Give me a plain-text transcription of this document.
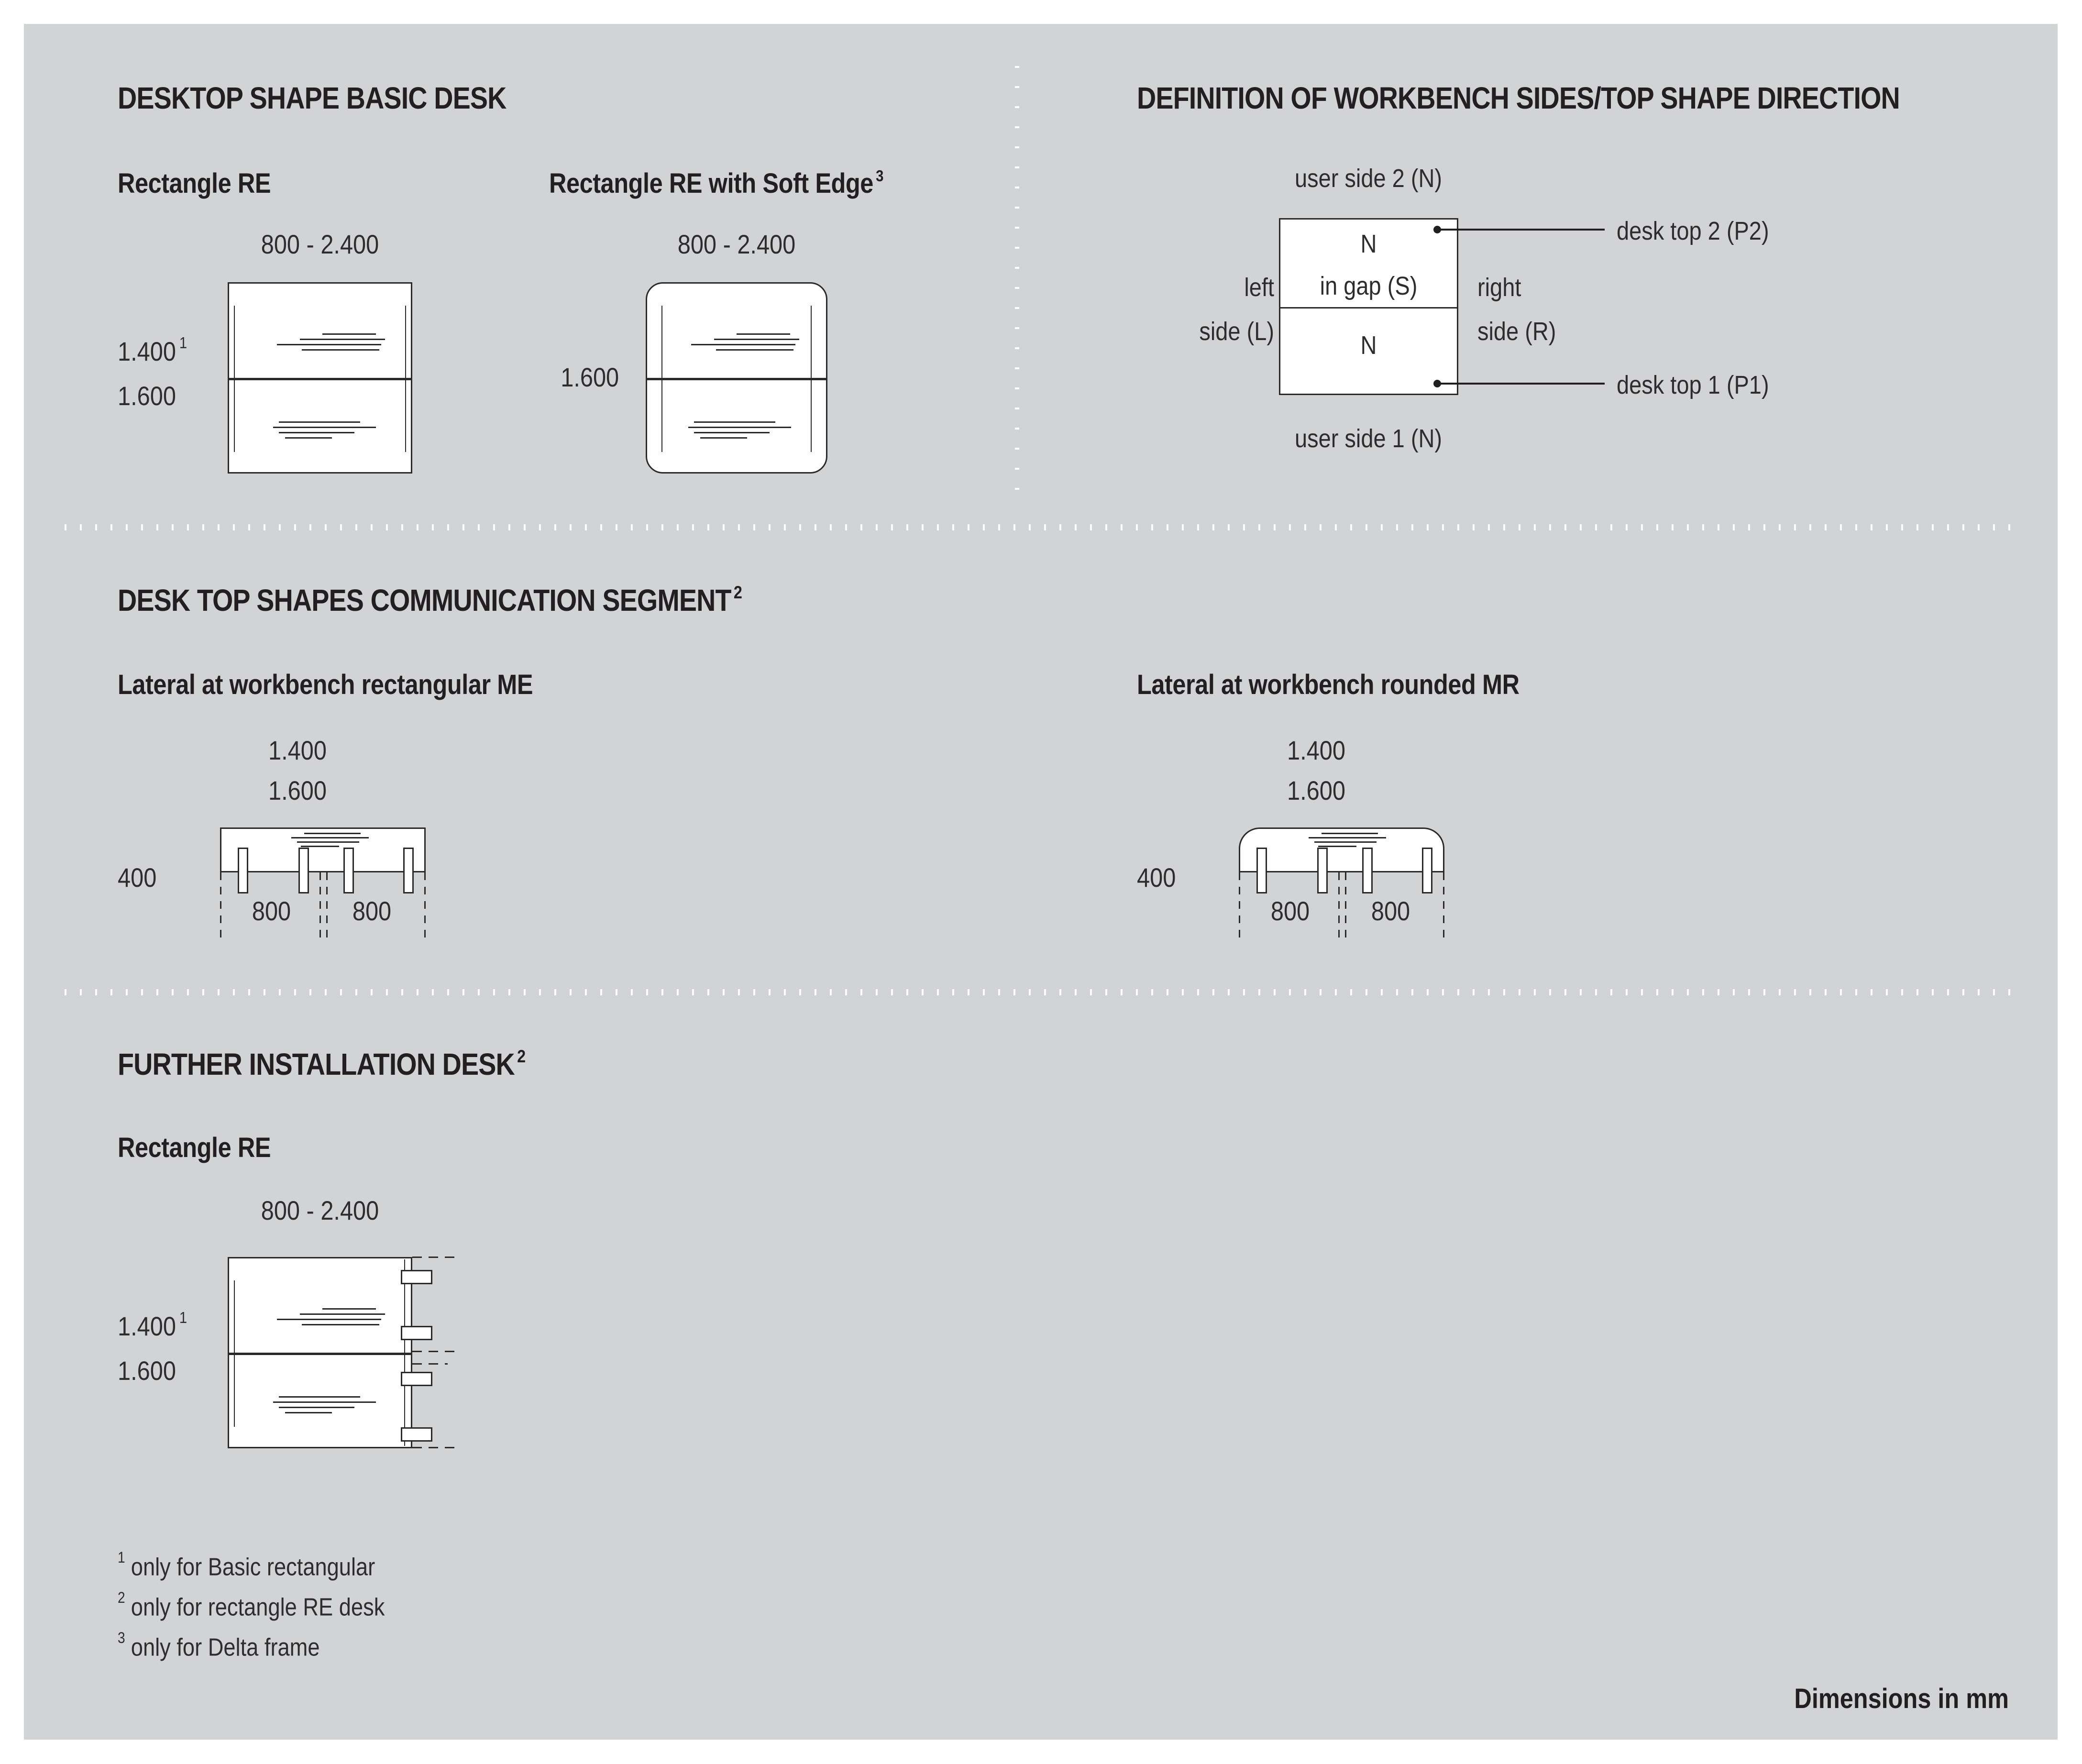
DESKTOP SHAPE BASIC DESK
Rectangle RE	Rectangle RE with Soft Edge $^3$
800 - 2.400
1.400 $^1$
1.600
800 - 2.400
1.600
DEFINITION OF WORKBENCH SIDES/TOP SHAPE DIRECTION
user side 2 (N)
N
in gap (S)
N
left
side (L)
right
side (R)
desk top 2 (P2)
desk top 1 (P1)
user side 1 (N)
DESK TOP SHAPES COMMUNICATION SEGMENT $^2$
Lateral at workbench rectangular ME	Lateral at workbench rounded MR
1.400
1.600
400
800	800
1.400
1.600
400
800	800
FURTHER INSTALLATION DESK $^2$
Rectangle RE
800 - 2.400
1.400 $^1$
1.600
$^1$ only for Basic rectangular
$^2$ only for rectangle RE desk
$^3$ only for Delta frame
Dimensions in mm
